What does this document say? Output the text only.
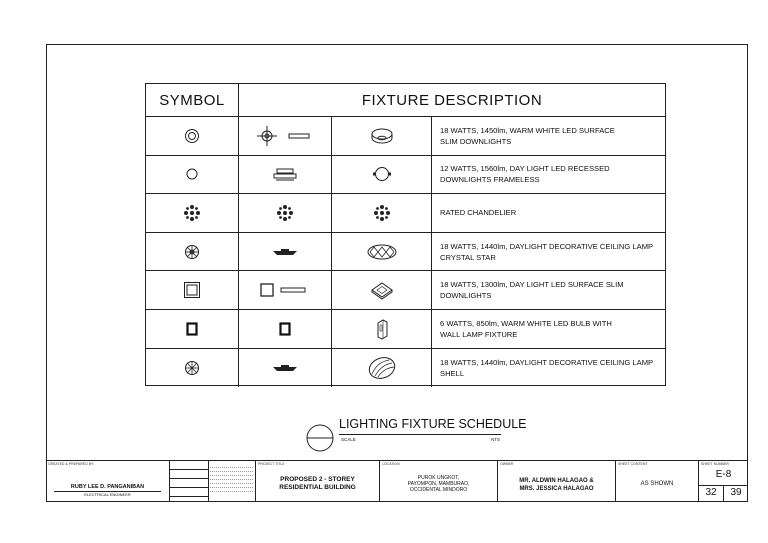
SYMBOL	FIXTURE DESCRIPTION
18 WATTS, 1450lm, WARM WHITE LED SURFACE
SLIM DOWNLIGHTS
12 WATTS, 1560lm, DAY LIGHT LED RECESSED
DOWNLIGHTS FRAMELESS
RATED CHANDELIER
18 WATTS, 1440lm, DAYLIGHT DECORATIVE CEILING LAMP
CRYSTAL STAR
18 WATTS, 1300lm, DAY LIGHT LED SURFACE SLIM
DOWNLIGHTS
6 WATTS, 850lm, WARM WHITE LED BULB WITH
WALL LAMP FIXTURE
18 WATTS, 1440lm, DAYLIGHT DECORATIVE CEILING LAMP
SHELL
LIGHTING FIXTURE SCHEDULE
SCALE	NTS
CREATED & PREPARED BY:
RUBY LEE D. PANGANIBAN
ELECTRICAL ENGINEER
PROJECT TITLE
PROPOSED 2 - STOREY
RESIDENTIAL BUILDING
LOCATION
PUROK UNGKOT,
PAYOMPON, MAMBURAO,
OCCIDENTAL MINDORO
OWNER
MR. ALDWIN HALAGAO &
MRS. JESSICA HALAGAO
SHEET CONTENT
AS SHOWN
SHEET NUMBER
E-8
32	39
